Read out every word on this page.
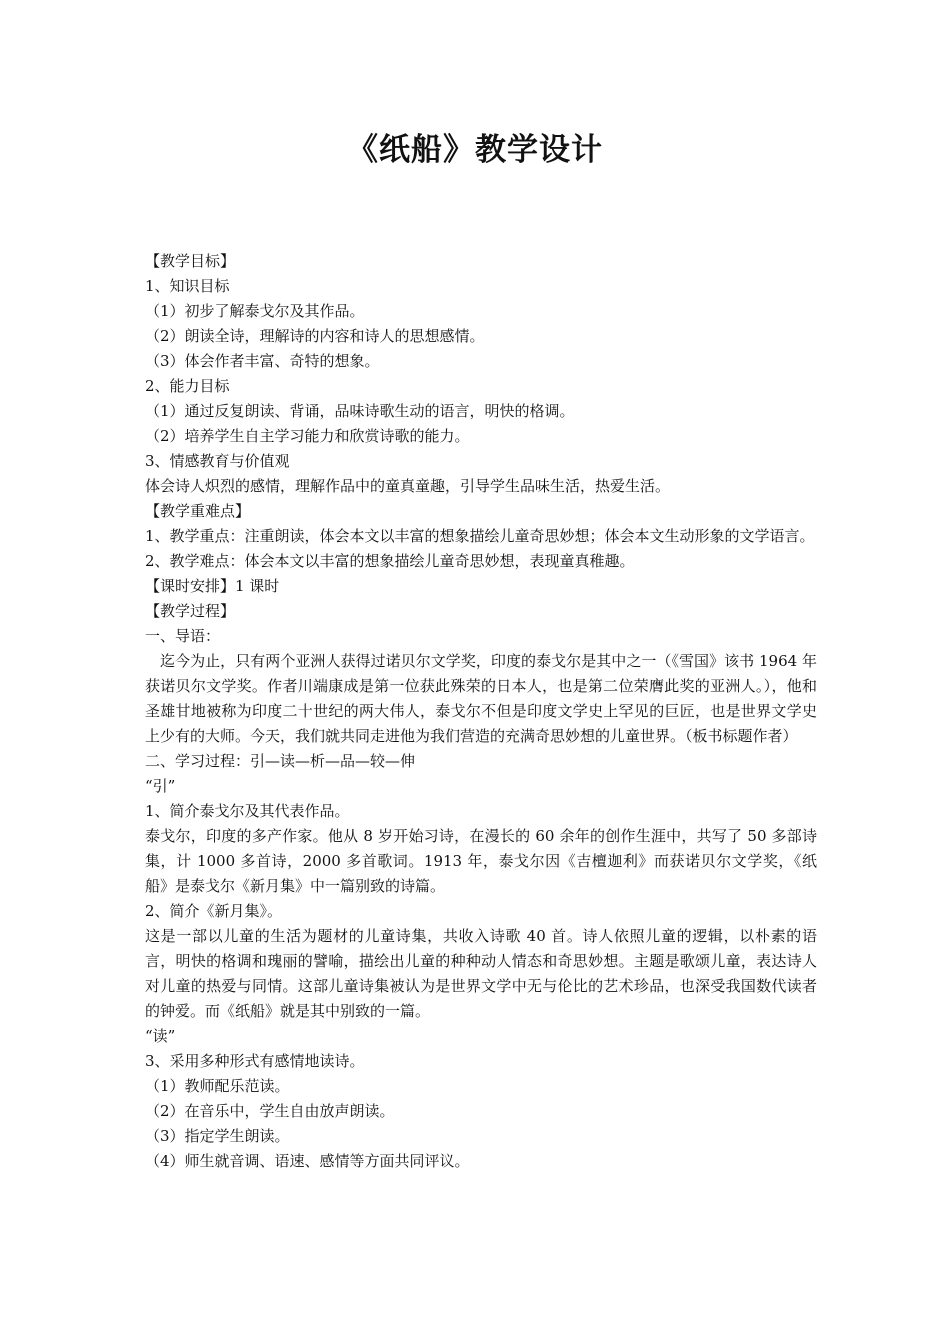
《纸船》教学设计

【教学目标】

1、知识目标

（1）初步了解泰戈尔及其作品。

（2）朗读全诗，理解诗的内容和诗人的思想感情。

（3）体会作者丰富、奇特的想象。

2、能力目标

（1）通过反复朗读、背诵，品味诗歌生动的语言，明快的格调。

（2）培养学生自主学习能力和欣赏诗歌的能力。

3、情感教育与价值观

体会诗人炽烈的感情，理解作品中的童真童趣，引导学生品味生活，热爱生活。

【教学重难点】

1、教学重点：注重朗读，体会本文以丰富的想象描绘儿童奇思妙想；体会本文生动形象的文学语言。

2、教学难点：体会本文以丰富的想象描绘儿童奇思妙想，表现童真稚趣。

【课时安排】1 课时

【教学过程】

一、导语：

迄今为止，只有两个亚洲人获得过诺贝尔文学奖，印度的泰戈尔是其中之一（《雪国》该书 1964 年获诺贝尔文学奖。作者川端康成是第一位获此殊荣的日本人，也是第二位荣膺此奖的亚洲人。），他和圣雄甘地被称为印度二十世纪的两大伟人，泰戈尔不但是印度文学史上罕见的巨匠，也是世界文学史上少有的大师。今天，我们就共同走进他为我们营造的充满奇思妙想的儿童世界。（板书标题作者）

二、学习过程：引—读—析—品—较—伸

“引”

1、简介泰戈尔及其代表作品。

泰戈尔，印度的多产作家。他从 8 岁开始习诗，在漫长的 60 余年的创作生涯中，共写了 50 多部诗集，计 1000 多首诗，2000 多首歌词。1913 年，泰戈尔因《吉檀迦利》而获诺贝尔文学奖，《纸船》是泰戈尔《新月集》中一篇别致的诗篇。

2、简介《新月集》。

这是一部以儿童的生活为题材的儿童诗集，共收入诗歌 40 首。诗人依照儿童的逻辑，以朴素的语言，明快的格调和瑰丽的譬喻，描绘出儿童的种种动人情态和奇思妙想。主题是歌颂儿童，表达诗人对儿童的热爱与同情。这部儿童诗集被认为是世界文学中无与伦比的艺术珍品，也深受我国数代读者的钟爱。而《纸船》就是其中别致的一篇。

“读”

3、采用多种形式有感情地读诗。

（1）教师配乐范读。

（2）在音乐中，学生自由放声朗读。

（3）指定学生朗读。

（4）师生就音调、语速、感情等方面共同评议。
